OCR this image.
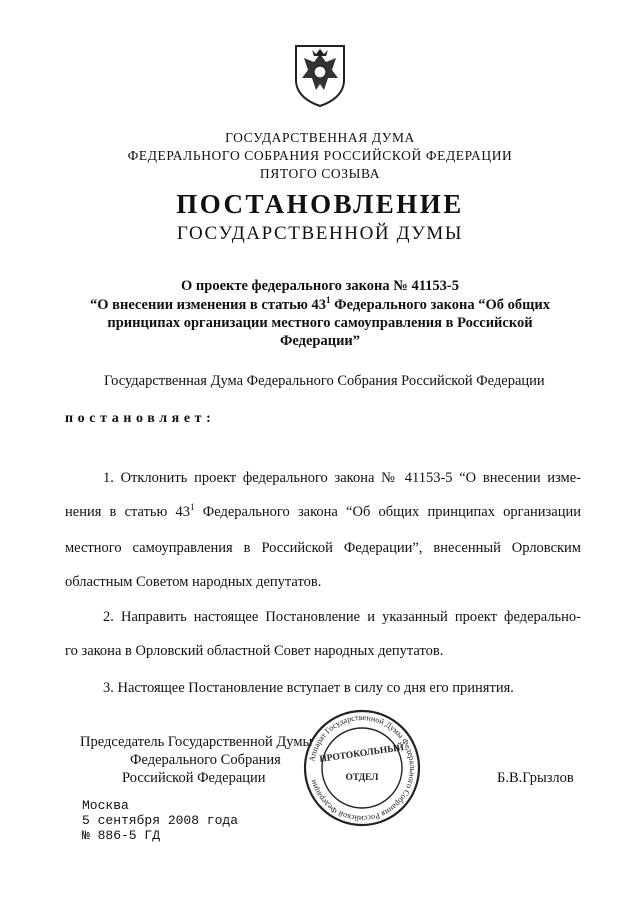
ГОСУДАРСТВЕННАЯ ДУМА
ФЕДЕРАЛЬНОГО СОБРАНИЯ РОССИЙСКОЙ ФЕДЕРАЦИИ
ПЯТОГО СОЗЫВА
ПОСТАНОВЛЕНИЕ
ГОСУДАРСТВЕННОЙ ДУМЫ
О проекте федерального закона № 41153-5
“О внесении изменения в статью $43^1$ Федерального закона “Об общих
принципах организации местного самоуправления в Российской
Федерации”
Государственная Дума Федерального Собрания Российской Федерации
постановляет:
1. Отклонить проект федерального закона № 41153-5 “О внесении изме-
нения в статью $43^1$ Федерального закона “Об общих принципах организации
местного самоуправления в Российской Федерации”, внесенный Орловским
областным Советом народных депутатов.
2. Направить настоящее Постановление и указанный проект федерально-
го закона в Орловский областной Совет народных депутатов.
3. Настоящее Постановление вступает в силу со дня его принятия.
Председатель Государственной Думы
Федерального Собрания
Российской Федерации	Б.В.Грызлов
Аппарат Государственной Думы Федерального Собрания Российской Федерации
ПРОТОКОЛЬНЫЙ
ОТДЕЛ
Москва
5 сентября 2008 года
№ 886-5 ГД
